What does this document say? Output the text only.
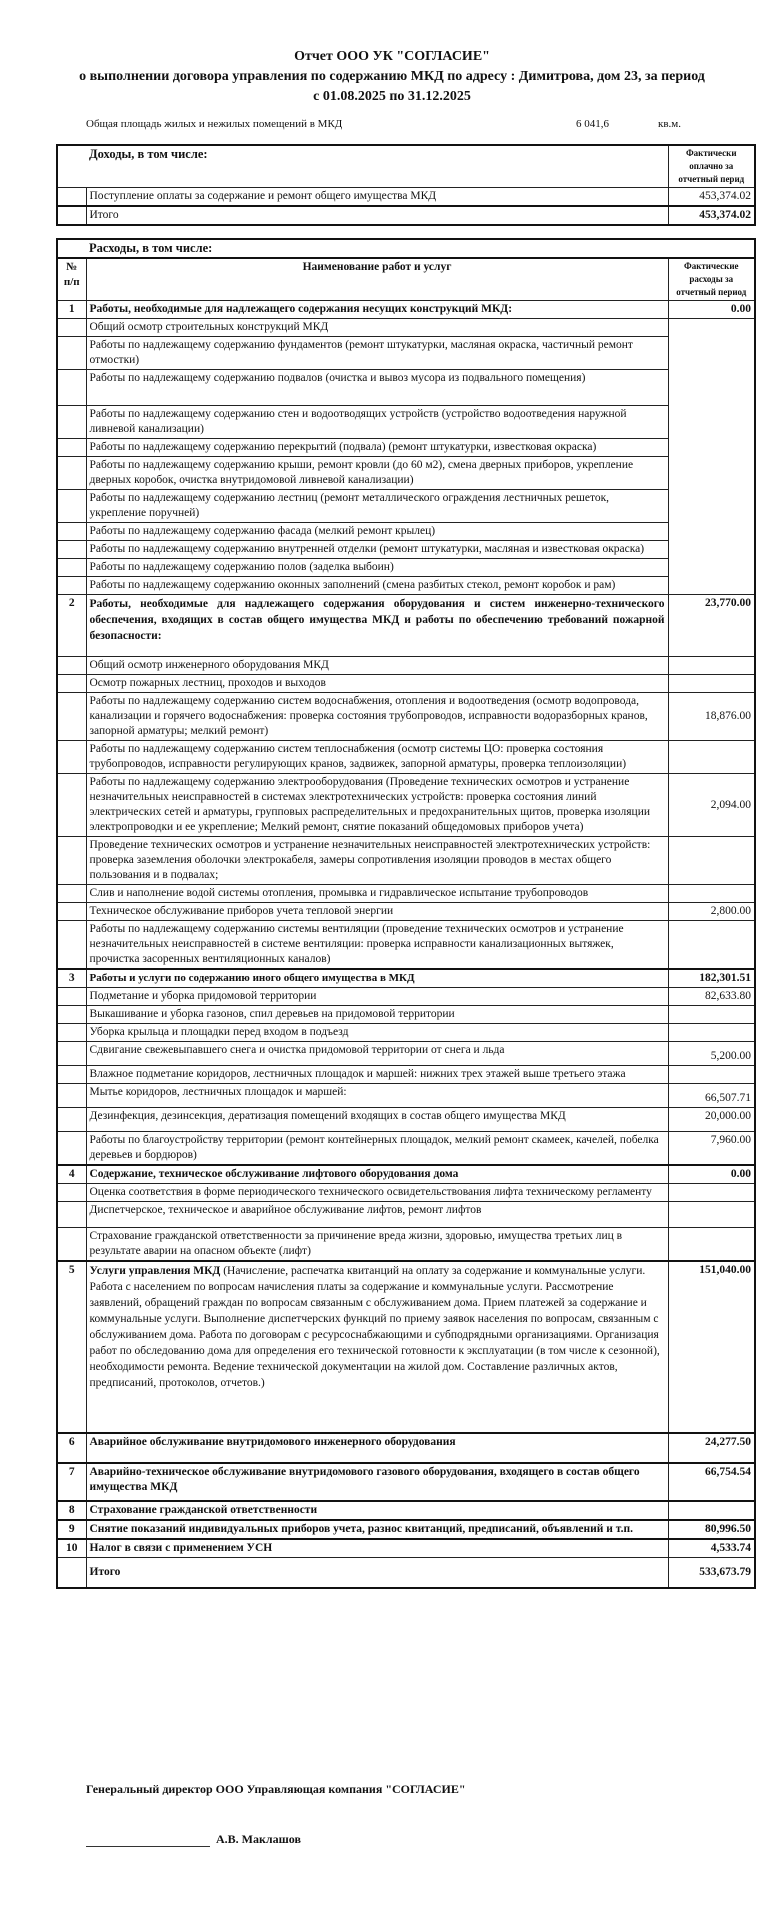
Отчет ООО УК "СОГЛАСИЕ"
о выполнении договора управления по содержанию МКД по адресу : Димитрова, дом 23, за период
с 01.08.2025 по 31.12.2025
Общая площадь жилых и нежилых помещений в МКД	6 041,6	кв.м.
	Доходы, в том числе:	Фактически оплачно за отчетный перид
	Поступление оплаты за содержание и ремонт общего имущества МКД	453,374.02
	Итого	453,374.02
	Расходы, в том числе:	
№ п/п	Наименование работ и услуг	Фактические расходы за отчетный период
1	Работы, необходимые для надлежащего содержания несущих конструкций МКД:	0.00
	Общий осмотр строительных конструкций МКД	
	Работы по надлежащему содержанию фундаментов (ремонт штукатурки, масляная окраска, частичный ремонт отмостки)	
	Работы по надлежащему содержанию подвалов (очистка и вывоз мусора из подвального помещения)	
	Работы по надлежащему содержанию стен и водоотводящих устройств (устройство водоотведения наружной ливневой канализации)	
	Работы по надлежащему содержанию перекрытий (подвала) (ремонт штукатурки, известковая окраска)	
	Работы по надлежащему содержанию крыши, ремонт кровли (до 60 м2), смена дверных приборов, укрепление дверных коробок, очистка внутридомовой ливневой канализации)	
	Работы по надлежащему содержанию лестниц (ремонт металлического ограждения лестничных решеток, укрепление поручней)	
	Работы по надлежащему содержанию фасада (мелкий ремонт крылец)	
	Работы по надлежащему содержанию внутренней отделки (ремонт штукатурки, масляная и известковая окраска)	
	Работы по надлежащему содержанию полов (заделка выбоин)	
	Работы по надлежащему содержанию оконных заполнений (смена разбитых стекол, ремонт коробок и рам)	
2	Работы, необходимые для надлежащего содержания оборудования и систем инженерно-технического обеспечения, входящих в состав общего имущества МКД и работы по обеспечению требований пожарной безопасности:	23,770.00
	Общий осмотр инженерного оборудования МКД	
	Осмотр пожарных лестниц, проходов и выходов	
	Работы по надлежащему содержанию систем водоснабжения, отопления и водоотведения (осмотр водопровода, канализации и горячего водоснабжения: проверка состояния трубопроводов, исправности водоразборных кранов, запорной арматуры; мелкий ремонт)	18,876.00
	Работы по надлежащему содержанию систем теплоснабжения (осмотр системы ЦО: проверка состояния трубопроводов, исправности регулирующих кранов, задвижек, запорной арматуры, проверка теплоизоляции)	
	Работы по надлежащему содержанию электрооборудования (Проведение технических осмотров и устранение незначительных неисправностей в системах электротехнических устройств: проверка состояния линий электрических сетей и арматуры, групповых распределительных и предохранительных щитов, проверка изоляции электропроводки и ее укрепление; Мелкий ремонт, снятие показаний общедомовых приборов учета)	2,094.00
	Проведение технических осмотров и устранение незначительных неисправностей электротехнических устройств: проверка заземления оболочки электрокабеля, замеры сопротивления изоляции проводов в местах общего пользования и в подвалах;	
	Слив и наполнение водой системы отопления, промывка и гидравлическое испытание трубопроводов	
	Техническое обслуживание приборов учета тепловой энергии	2,800.00
	Работы по надлежащему содержанию системы вентиляции (проведение технических осмотров и устранение незначительных неисправностей в системе вентиляции: проверка исправности канализационных вытяжек, прочистка засоренных вентиляционных каналов)	
3	Работы и услуги по содержанию иного общего имущества в МКД	182,301.51
	Подметание и уборка придомовой территории	82,633.80
	Выкашивание и уборка газонов, спил деревьев на придомовой территории	
	Уборка крыльца и площадки перед входом в подъезд	
	Сдвигание свежевыпавшего снега и очистка придомовой территории от снега и льда	5,200.00
	Влажное подметание коридоров, лестничных площадок и маршей: нижних трех этажей выше третьего этажа	
	Мытье коридоров, лестничных площадок и маршей:	66,507.71
	Дезинфекция, дезинсекция, дератизация помещений входящих в состав общего имущества МКД	20,000.00
	Работы по благоустройству территории (ремонт контейнерных площадок, мелкий ремонт скамеек, качелей, побелка деревьев и бордюров)	7,960.00
4	Содержание, техническое обслуживание лифтового оборудования дома	0.00
	Оценка соответствия в форме периодического технического освидетельствования лифта техническому регламенту	
	Диспетчерское, техническое и аварийное обслуживание лифтов, ремонт лифтов	
	Страхование гражданской ответственности за причинение вреда жизни, здоровью, имущества третьих лиц в результате аварии на опасном объекте (лифт)	
5	Услуги управления МКД (Начисление, распечатка квитанций на оплату за содержание и коммунальные услуги. Работа с населением по вопросам начисления платы за содержание и коммунальные услуги. Рассмотрение заявлений, обращений граждан по вопросам связанным с обслуживанием дома. Прием платежей за содержание и коммунальные услуги. Выполнение диспетчерских функций по приему заявок населения по вопросам, связанным с обслуживанием дома. Работа по договорам с ресурсоснабжающими и субподрядными организациями. Организация работ по обследованию дома для определения его технической готовности к эксплуатации (в том числе к сезонной), необходимости ремонта. Ведение технической документации на жилой дом. Составление различных актов, предписаний, протоколов, отчетов.)	151,040.00
6	Аварийное обслуживание внутридомового инженерного оборудования	24,277.50
7	Аварийно-техническое обслуживание внутридомового газового оборудования, входящего в состав общего имущества МКД	66,754.54
8	Страхование гражданской ответственности	
9	Снятие показаний индивидуальных приборов учета, разнос квитанций, предписаний, объявлений и т.п.	80,996.50
10	Налог в связи с применением УСН	4,533.74
	Итого	533,673.79
Генеральный директор ООО Управляющая компания "СОГЛАСИЕ"
А.В. Маклашов
